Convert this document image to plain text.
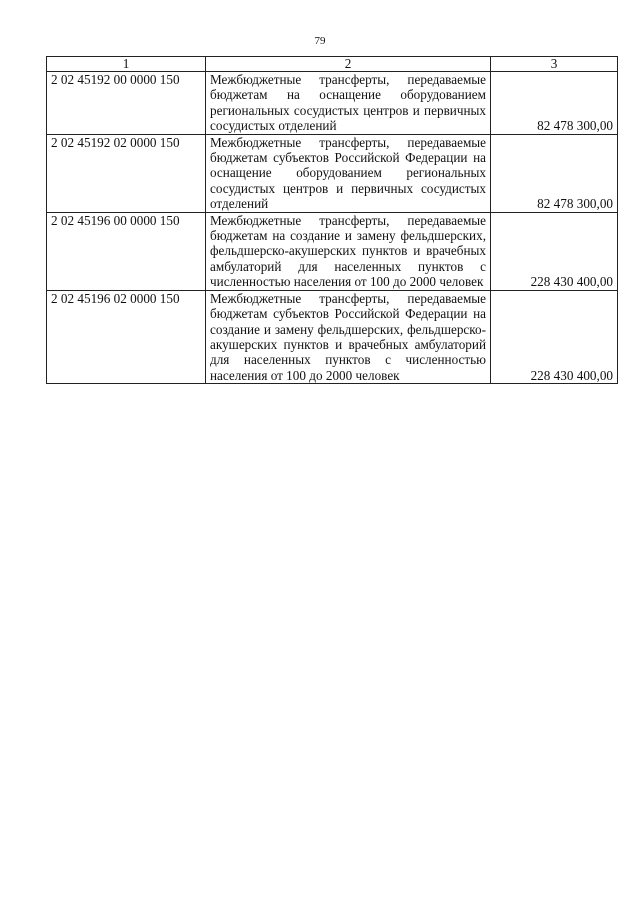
79
1	2	3
2 02 45192 00 0000 150	Межбюджетные трансферты, передаваемые бюджетам на оснащение оборудованием региональных сосудистых центров и первичных сосудистых отделений	82 478 300,00
2 02 45192 02 0000 150	Межбюджетные трансферты, передаваемые бюджетам субъектов Российской Федерации на оснащение оборудованием региональных сосудистых центров и первичных сосудистых отделений	82 478 300,00
2 02 45196 00 0000 150	Межбюджетные трансферты, передаваемые бюджетам на создание и замену фельдшерских, фельдшерско-акушерских пунктов и врачебных амбулаторий для населенных пунктов с численностью населения от 100 до 2000 человек	228 430 400,00
2 02 45196 02 0000 150	Межбюджетные трансферты, передаваемые бюджетам субъектов Российской Федерации на создание и замену фельдшерских, фельдшерско-акушерских пунктов и врачебных амбулаторий для населенных пунктов с численностью населения от 100 до 2000 человек	228 430 400,00
